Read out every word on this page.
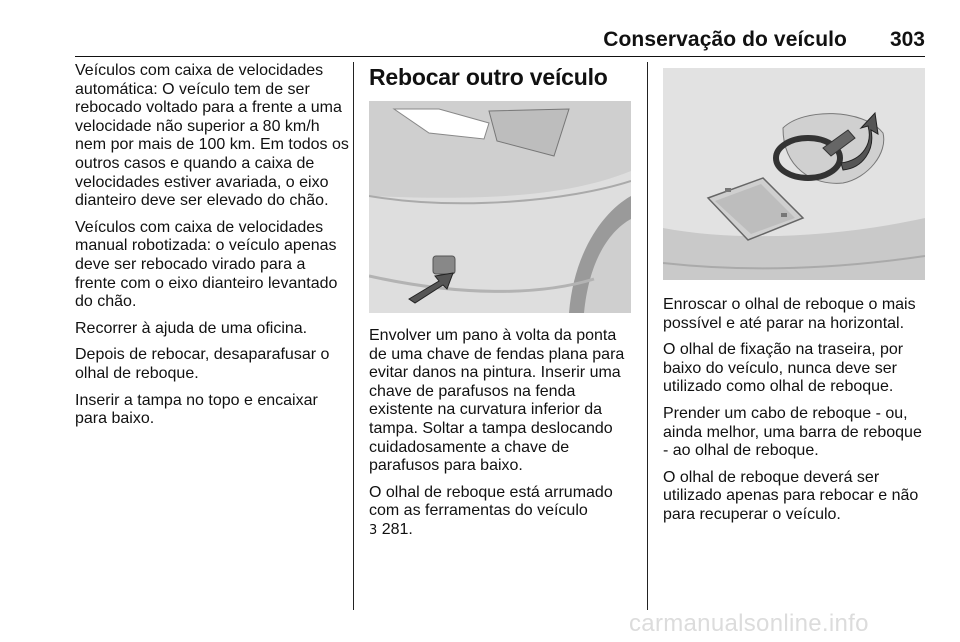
Conservação do veículo 303

Veículos com caixa de velocidades automática: O veículo tem de ser rebocado voltado para a frente a uma velocidade não superior a 80 km/h nem por mais de 100 km. Em todos os outros casos e quando a caixa de velocidades estiver avariada, o eixo dianteiro deve ser elevado do chão.

Veículos com caixa de velocidades manual robotizada: o veículo apenas deve ser rebocado virado para a frente com o eixo dianteiro levantado do chão.

Recorrer à ajuda de uma oficina.

Depois de rebocar, desaparafusar o olhal de reboque.

Inserir a tampa no topo e encaixar para baixo.

Rebocar outro veículo

Envolver um pano à volta da ponta de uma chave de fendas plana para evitar danos na pintura. Inserir uma chave de parafusos na fenda existente na curvatura inferior da tampa. Soltar a tampa deslocando cuidadosamente a chave de parafusos para baixo.

O olhal de reboque está arrumado com as ferramentas do veículo
3 281.

Enroscar o olhal de reboque o mais possível e até parar na horizontal.

O olhal de fixação na traseira, por baixo do veículo, nunca deve ser utilizado como olhal de reboque.

Prender um cabo de reboque - ou, ainda melhor, uma barra de reboque - ao olhal de reboque.

O olhal de reboque deverá ser utilizado apenas para rebocar e não para recuperar o veículo.

carmanualsonline.info
